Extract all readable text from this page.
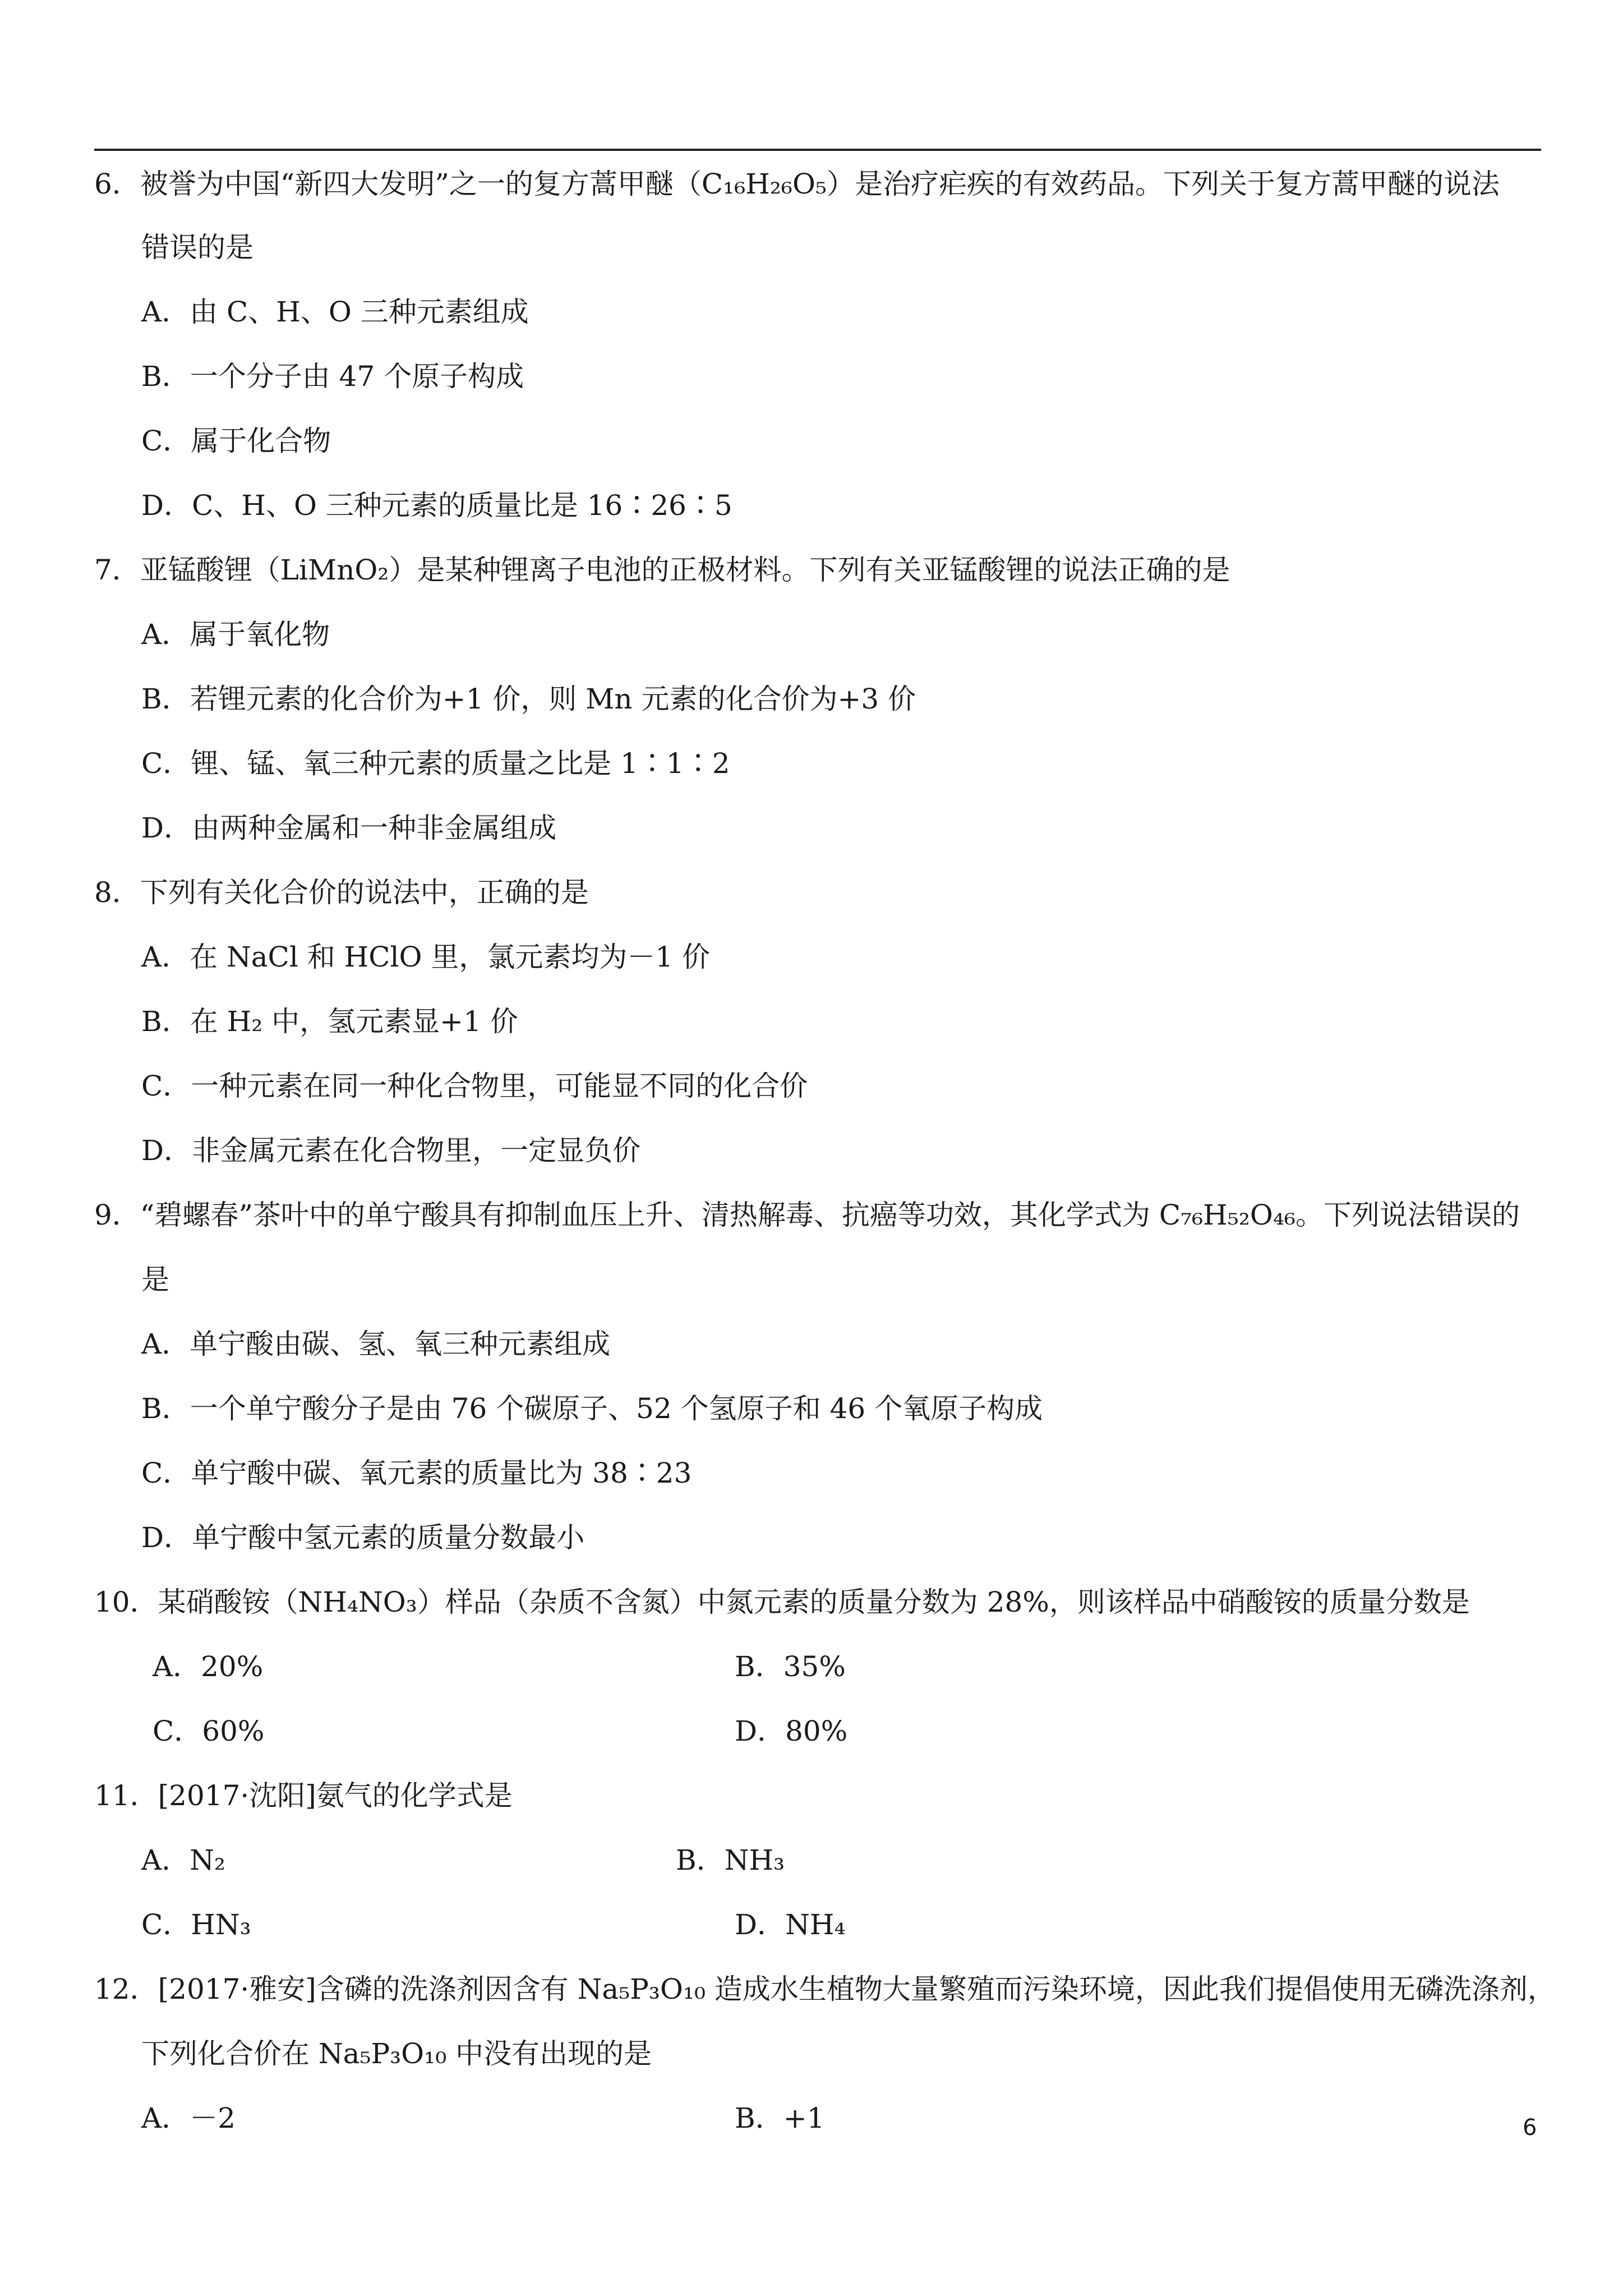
6．被誉为中国“新四大发明”之一的复方蒿甲醚（C₁₆H₂₆O₅）是治疗疟疾的有效药品。下列关于复方蒿甲醚的说法
错误的是
A．由 C、H、O 三种元素组成
B．一个分子由 47 个原子构成
C．属于化合物
D．C、H、O 三种元素的质量比是 16∶26∶5
7．亚锰酸锂（LiMnO₂）是某种锂离子电池的正极材料。下列有关亚锰酸锂的说法正确的是
A．属于氧化物
B．若锂元素的化合价为+1 价，则 Mn 元素的化合价为+3 价
C．锂、锰、氧三种元素的质量之比是 1∶1∶2
D．由两种金属和一种非金属组成
8．下列有关化合价的说法中，正确的是
A．在 NaCl 和 HClO 里，氯元素均为－1 价
B．在 H₂ 中，氢元素显+1 价
C．一种元素在同一种化合物里，可能显不同的化合价
D．非金属元素在化合物里，一定显负价
9．“碧螺春”茶叶中的单宁酸具有抑制血压上升、清热解毒、抗癌等功效，其化学式为 C₇₆H₅₂O₄₆。下列说法错误的
是
A．单宁酸由碳、氢、氧三种元素组成
B．一个单宁酸分子是由 76 个碳原子、52 个氢原子和 46 个氧原子构成
C．单宁酸中碳、氧元素的质量比为 38∶23
D．单宁酸中氢元素的质量分数最小
10．某硝酸铵（NH₄NO₃）样品（杂质不含氮）中氮元素的质量分数为 28%，则该样品中硝酸铵的质量分数是
A．20%	B．35%
C．60%	D．80%
11．[2017·沈阳]氨气的化学式是
A．N₂	B．NH₃
C．HN₃	D．NH₄
12．[2017·雅安]含磷的洗涤剂因含有 Na₅P₃O₁₀ 造成水生植物大量繁殖而污染环境，因此我们提倡使用无磷洗涤剂，
下列化合价在 Na₅P₃O₁₀ 中没有出现的是
A．－2	B．+1	6
